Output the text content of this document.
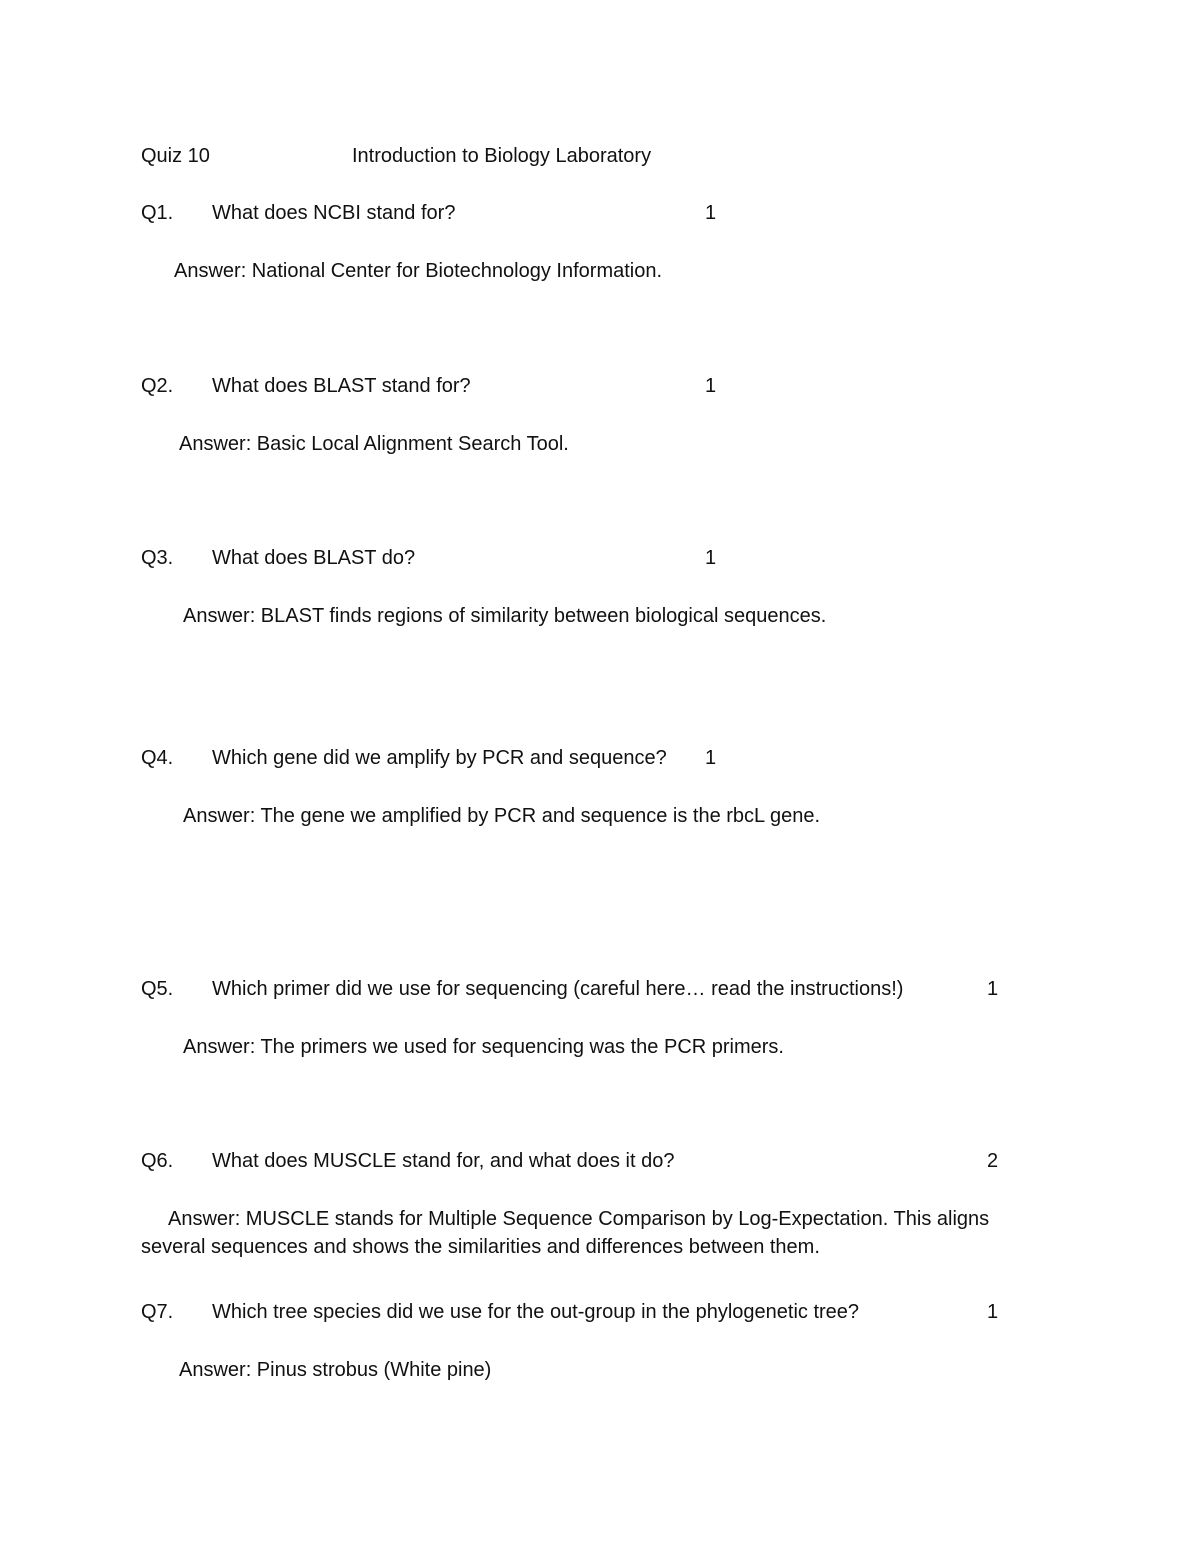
Quiz 10	Introduction to Biology Laboratory
Q1. What does NCBI stand for?	1
Answer: National Center for Biotechnology Information.
Q2. What does BLAST stand for?	1
Answer: Basic Local Alignment Search Tool.
Q3. What does BLAST do?	1
Answer: BLAST finds regions of similarity between biological sequences.
Q4. Which gene did we amplify by PCR and sequence? 1
Answer: The gene we amplified by PCR and sequence is the rbcL gene.
Q5. Which primer did we use for sequencing (careful here… read the instructions!)	1
Answer: The primers we used for sequencing was the PCR primers.
Q6. What does MUSCLE stand for, and what does it do?	2
Answer: MUSCLE stands for Multiple Sequence Comparison by Log-Expectation. This aligns
several sequences and shows the similarities and differences between them.
Q7. Which tree species did we use for the out-group in the phylogenetic tree?	1
Answer: Pinus strobus (White pine)
